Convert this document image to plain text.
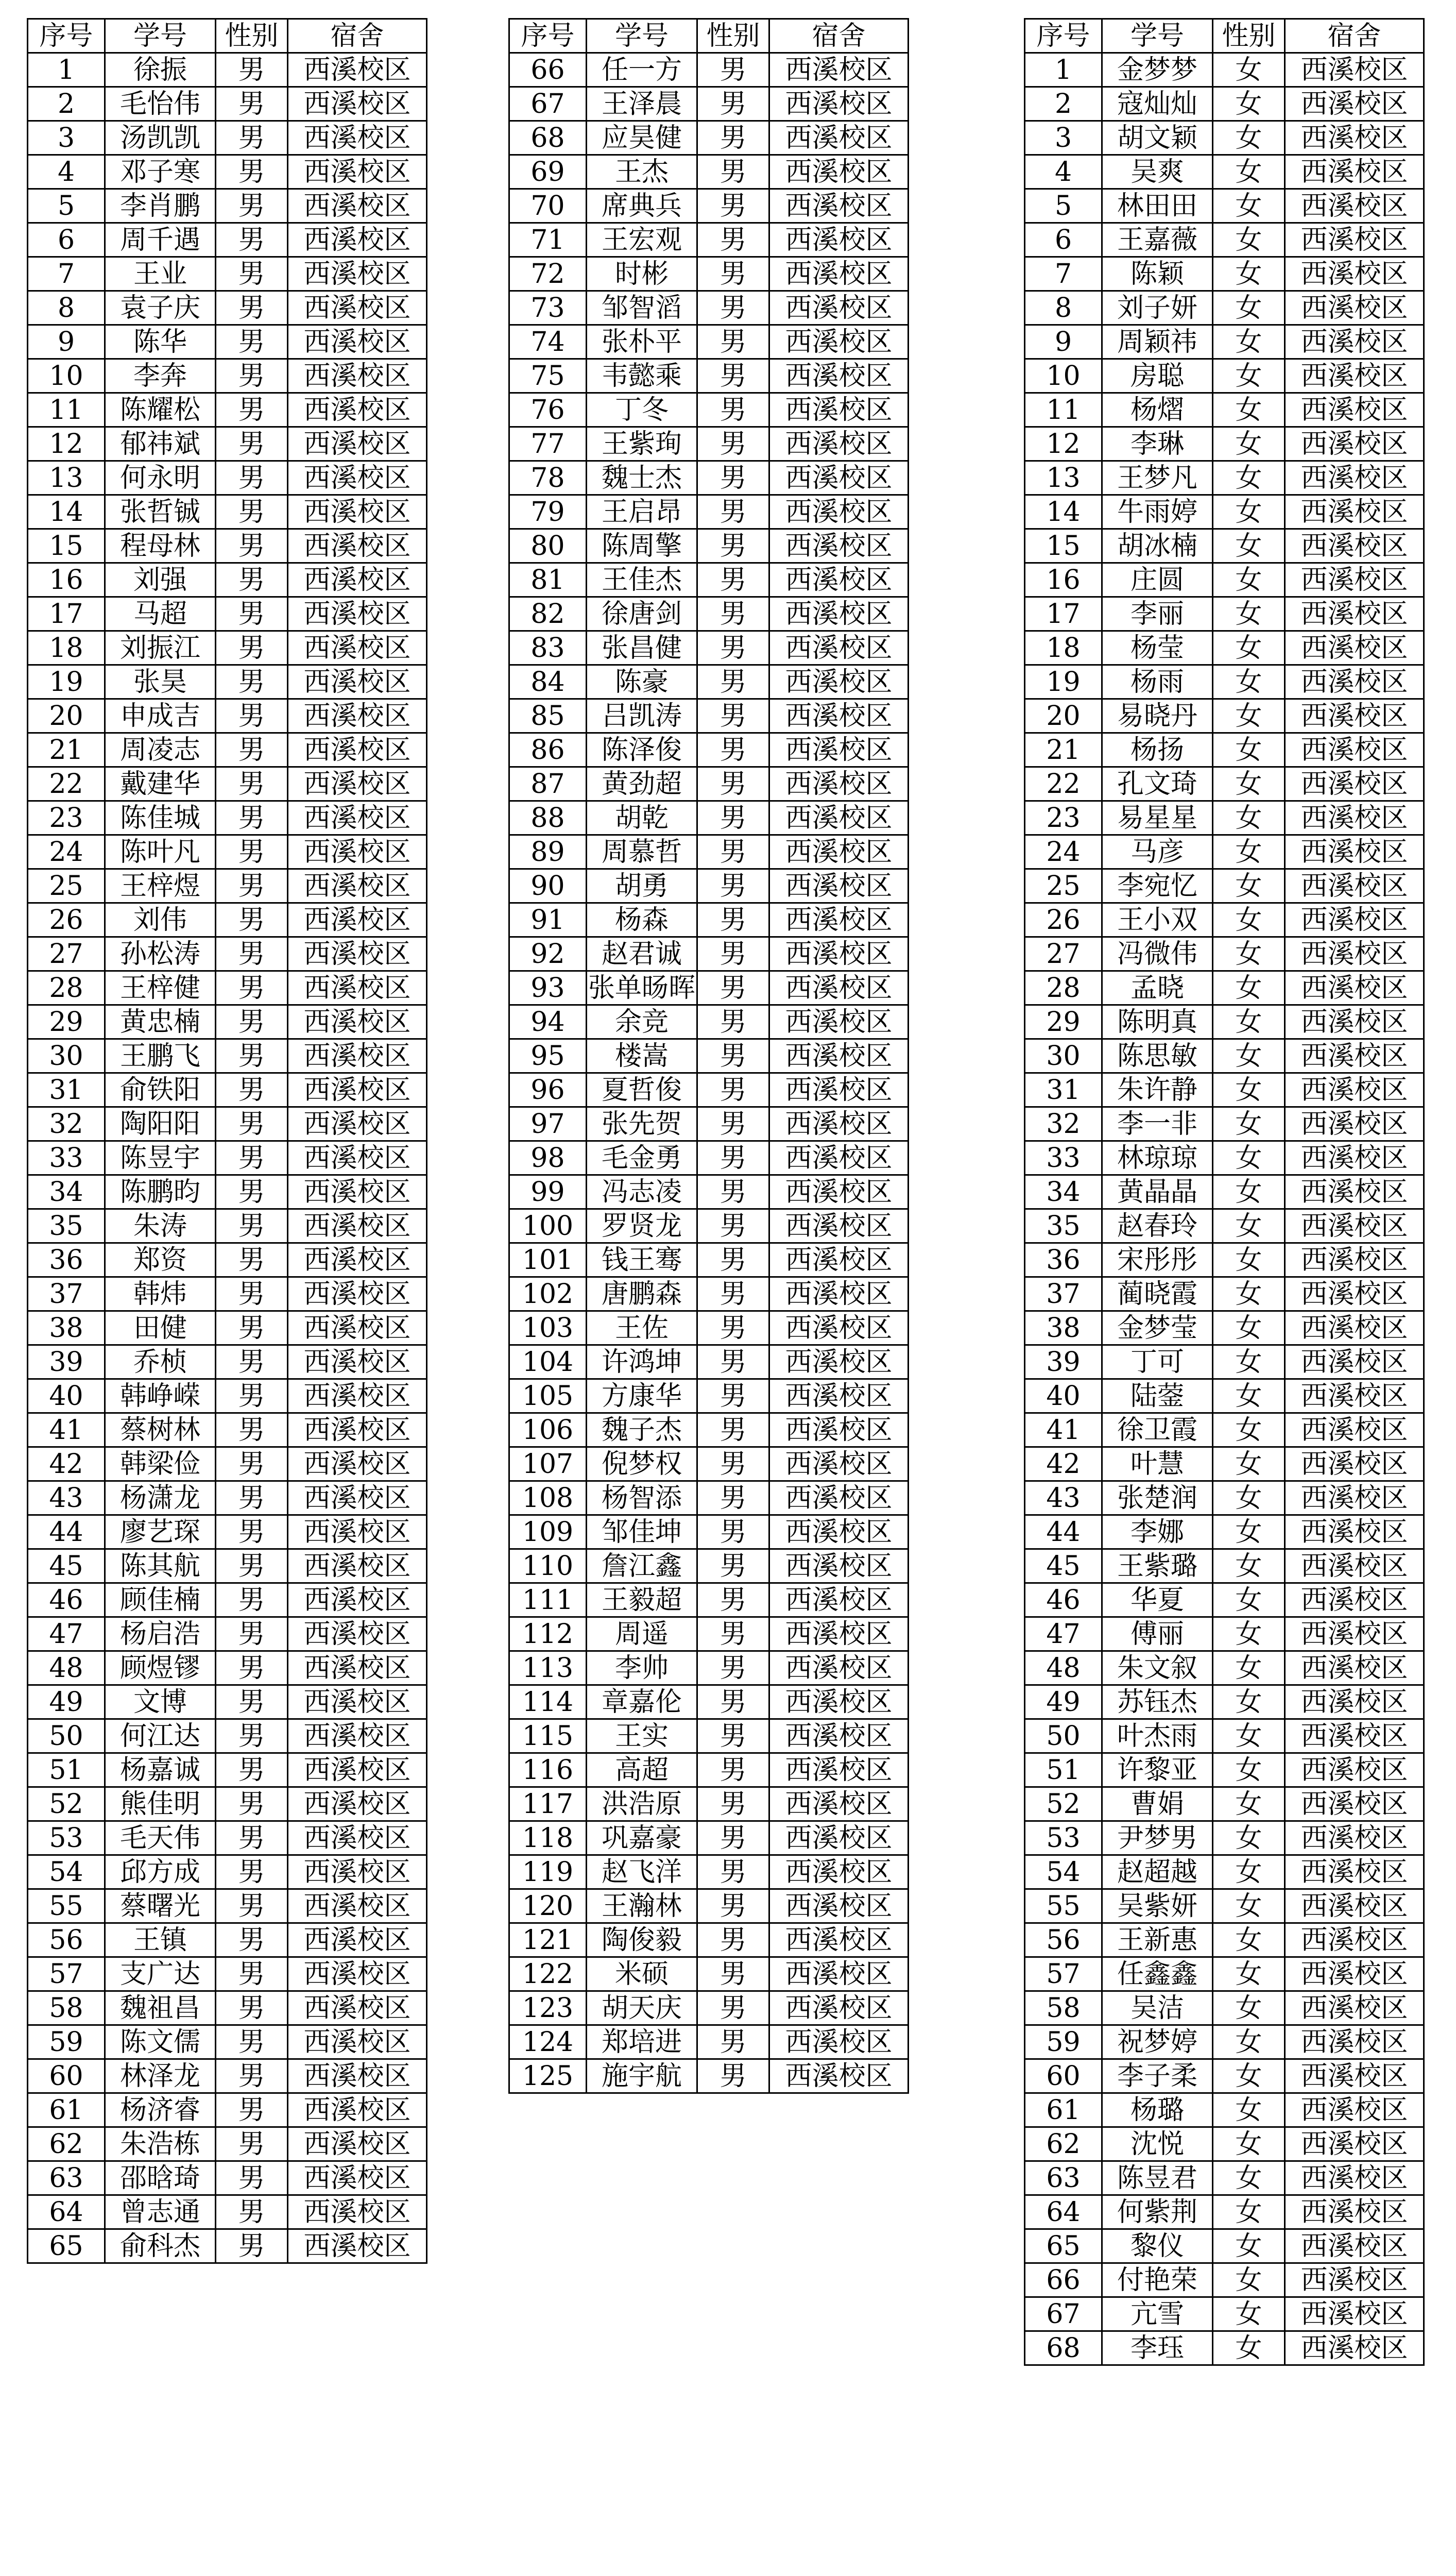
序号	学号	性别	宿舍
1	徐振	男	西溪校区
2	毛怡伟	男	西溪校区
3	汤凯凯	男	西溪校区
4	邓子寒	男	西溪校区
5	李肖鹏	男	西溪校区
6	周千遇	男	西溪校区
7	王业	男	西溪校区
8	袁子庆	男	西溪校区
9	陈华	男	西溪校区
10	李奔	男	西溪校区
11	陈耀松	男	西溪校区
12	郁祎斌	男	西溪校区
13	何永明	男	西溪校区
14	张哲铖	男	西溪校区
15	程母林	男	西溪校区
16	刘强	男	西溪校区
17	马超	男	西溪校区
18	刘振江	男	西溪校区
19	张昊	男	西溪校区
20	申成吉	男	西溪校区
21	周凌志	男	西溪校区
22	戴建华	男	西溪校区
23	陈佳城	男	西溪校区
24	陈叶凡	男	西溪校区
25	王梓煜	男	西溪校区
26	刘伟	男	西溪校区
27	孙松涛	男	西溪校区
28	王梓健	男	西溪校区
29	黄忠楠	男	西溪校区
30	王鹏飞	男	西溪校区
31	俞铁阳	男	西溪校区
32	陶阳阳	男	西溪校区
33	陈昱宇	男	西溪校区
34	陈鹏昀	男	西溪校区
35	朱涛	男	西溪校区
36	郑资	男	西溪校区
37	韩炜	男	西溪校区
38	田健	男	西溪校区
39	乔桢	男	西溪校区
40	韩峥嵘	男	西溪校区
41	蔡树林	男	西溪校区
42	韩梁俭	男	西溪校区
43	杨潇龙	男	西溪校区
44	廖艺琛	男	西溪校区
45	陈其航	男	西溪校区
46	顾佳楠	男	西溪校区
47	杨启浩	男	西溪校区
48	顾煜镠	男	西溪校区
49	文博	男	西溪校区
50	何江达	男	西溪校区
51	杨嘉诚	男	西溪校区
52	熊佳明	男	西溪校区
53	毛天伟	男	西溪校区
54	邱方成	男	西溪校区
55	蔡曙光	男	西溪校区
56	王镇	男	西溪校区
57	支广达	男	西溪校区
58	魏祖昌	男	西溪校区
59	陈文儒	男	西溪校区
60	林泽龙	男	西溪校区
61	杨济睿	男	西溪校区
62	朱浩栋	男	西溪校区
63	邵晗琦	男	西溪校区
64	曾志通	男	西溪校区
65	俞科杰	男	西溪校区
序号	学号	性别	宿舍
66	任一方	男	西溪校区
67	王泽晨	男	西溪校区
68	应昊健	男	西溪校区
69	王杰	男	西溪校区
70	席典兵	男	西溪校区
71	王宏观	男	西溪校区
72	时彬	男	西溪校区
73	邹智滔	男	西溪校区
74	张朴平	男	西溪校区
75	韦懿乘	男	西溪校区
76	丁冬	男	西溪校区
77	王紫珣	男	西溪校区
78	魏士杰	男	西溪校区
79	王启昂	男	西溪校区
80	陈周擎	男	西溪校区
81	王佳杰	男	西溪校区
82	徐唐剑	男	西溪校区
83	张昌健	男	西溪校区
84	陈豪	男	西溪校区
85	吕凯涛	男	西溪校区
86	陈泽俊	男	西溪校区
87	黄劲超	男	西溪校区
88	胡乾	男	西溪校区
89	周慕哲	男	西溪校区
90	胡勇	男	西溪校区
91	杨森	男	西溪校区
92	赵君诚	男	西溪校区
93	张单旸晖	男	西溪校区
94	余竞	男	西溪校区
95	楼嵩	男	西溪校区
96	夏哲俊	男	西溪校区
97	张先贺	男	西溪校区
98	毛金勇	男	西溪校区
99	冯志凌	男	西溪校区
100	罗贤龙	男	西溪校区
101	钱王骞	男	西溪校区
102	唐鹏森	男	西溪校区
103	王佐	男	西溪校区
104	许鸿坤	男	西溪校区
105	方康华	男	西溪校区
106	魏子杰	男	西溪校区
107	倪梦权	男	西溪校区
108	杨智添	男	西溪校区
109	邹佳坤	男	西溪校区
110	詹江鑫	男	西溪校区
111	王毅超	男	西溪校区
112	周遥	男	西溪校区
113	李帅	男	西溪校区
114	章嘉伦	男	西溪校区
115	王实	男	西溪校区
116	高超	男	西溪校区
117	洪浩原	男	西溪校区
118	巩嘉豪	男	西溪校区
119	赵飞洋	男	西溪校区
120	王瀚林	男	西溪校区
121	陶俊毅	男	西溪校区
122	米硕	男	西溪校区
123	胡天庆	男	西溪校区
124	郑培进	男	西溪校区
125	施宇航	男	西溪校区
序号	学号	性别	宿舍
1	金梦梦	女	西溪校区
2	寇灿灿	女	西溪校区
3	胡文颖	女	西溪校区
4	吴爽	女	西溪校区
5	林田田	女	西溪校区
6	王嘉薇	女	西溪校区
7	陈颖	女	西溪校区
8	刘子妍	女	西溪校区
9	周颖祎	女	西溪校区
10	房聪	女	西溪校区
11	杨熠	女	西溪校区
12	李琳	女	西溪校区
13	王梦凡	女	西溪校区
14	牛雨婷	女	西溪校区
15	胡冰楠	女	西溪校区
16	庄圆	女	西溪校区
17	李丽	女	西溪校区
18	杨莹	女	西溪校区
19	杨雨	女	西溪校区
20	易晓丹	女	西溪校区
21	杨扬	女	西溪校区
22	孔文琦	女	西溪校区
23	易星星	女	西溪校区
24	马彦	女	西溪校区
25	李宛忆	女	西溪校区
26	王小双	女	西溪校区
27	冯微伟	女	西溪校区
28	孟晓	女	西溪校区
29	陈明真	女	西溪校区
30	陈思敏	女	西溪校区
31	朱许静	女	西溪校区
32	李一非	女	西溪校区
33	林琼琼	女	西溪校区
34	黄晶晶	女	西溪校区
35	赵春玲	女	西溪校区
36	宋彤彤	女	西溪校区
37	蔺晓霞	女	西溪校区
38	金梦莹	女	西溪校区
39	丁可	女	西溪校区
40	陆蓥	女	西溪校区
41	徐卫霞	女	西溪校区
42	叶慧	女	西溪校区
43	张楚润	女	西溪校区
44	李娜	女	西溪校区
45	王紫璐	女	西溪校区
46	华夏	女	西溪校区
47	傅丽	女	西溪校区
48	朱文叙	女	西溪校区
49	苏钰杰	女	西溪校区
50	叶杰雨	女	西溪校区
51	许黎亚	女	西溪校区
52	曹娟	女	西溪校区
53	尹梦男	女	西溪校区
54	赵超越	女	西溪校区
55	吴紫妍	女	西溪校区
56	王新惠	女	西溪校区
57	任鑫鑫	女	西溪校区
58	吴洁	女	西溪校区
59	祝梦婷	女	西溪校区
60	李子柔	女	西溪校区
61	杨璐	女	西溪校区
62	沈悦	女	西溪校区
63	陈昱君	女	西溪校区
64	何紫荆	女	西溪校区
65	黎仪	女	西溪校区
66	付艳荣	女	西溪校区
67	亢雪	女	西溪校区
68	李珏	女	西溪校区
